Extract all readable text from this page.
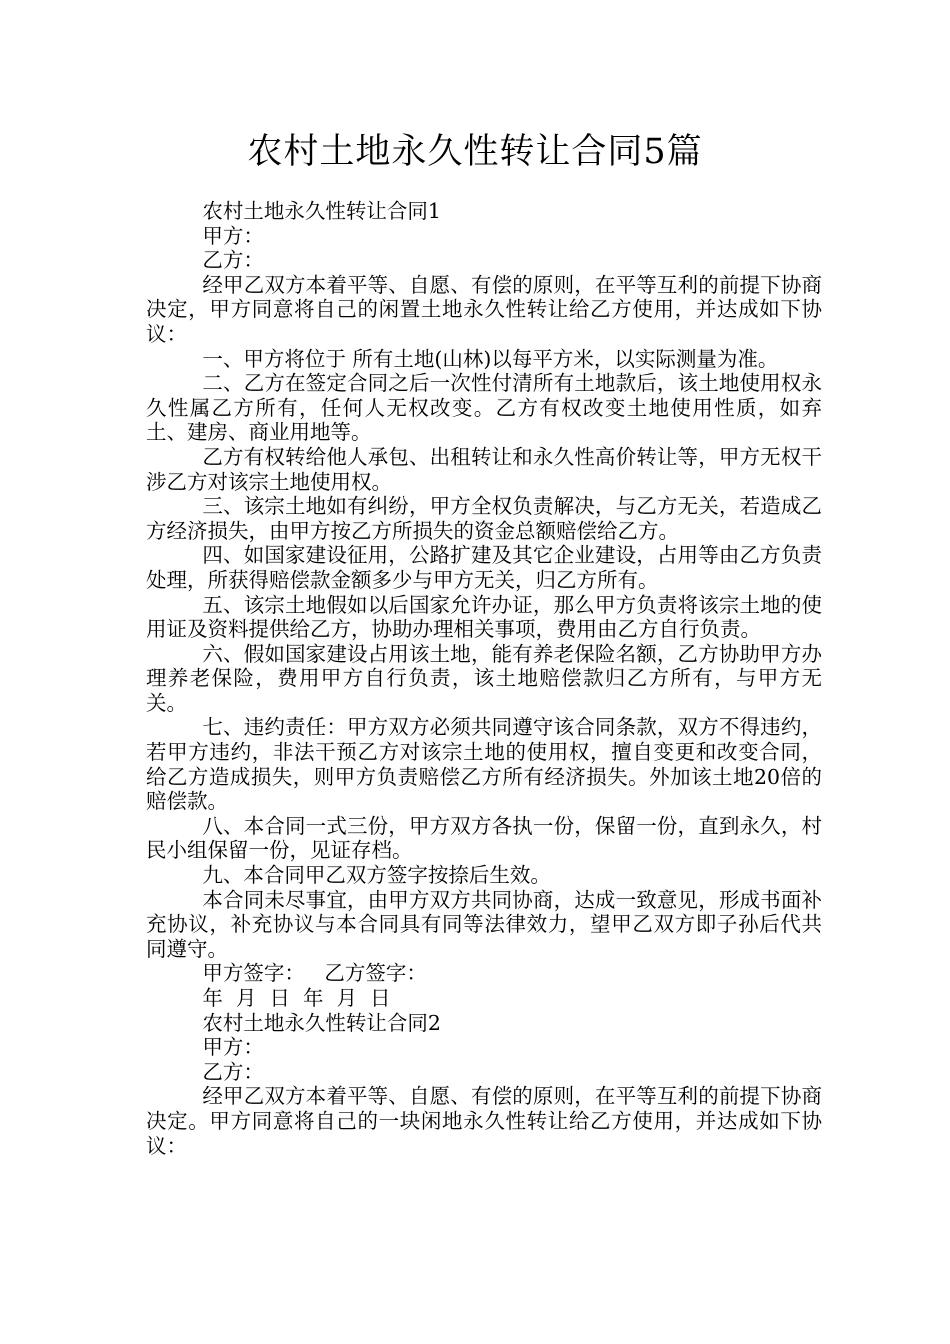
农村土地永久性转让合同5篇

农村土地永久性转让合同1

甲方：

乙方：

经甲乙双方本着平等、自愿、有偿的原则，在平等互利的前提下协商决定，甲方同意将自己的闲置土地永久性转让给乙方使用，并达成如下协议：

一、甲方将位于 所有土地(山林)以每平方米，以实际测量为准。

二、乙方在签定合同之后一次性付清所有土地款后，该土地使用权永久性属乙方所有，任何人无权改变。乙方有权改变土地使用性质，如弃土、建房、商业用地等。

乙方有权转给他人承包、出租转让和永久性高价转让等，甲方无权干涉乙方对该宗土地使用权。

三、该宗土地如有纠纷，甲方全权负责解决，与乙方无关，若造成乙方经济损失，由甲方按乙方所损失的资金总额赔偿给乙方。

四、如国家建设征用，公路扩建及其它企业建设，占用等由乙方负责处理，所获得赔偿款金额多少与甲方无关，归乙方所有。

五、该宗土地假如以后国家允许办证，那么甲方负责将该宗土地的使用证及资料提供给乙方，协助办理相关事项，费用由乙方自行负责。

六、假如国家建设占用该土地，能有养老保险名额，乙方协助甲方办理养老保险，费用甲方自行负责，该土地赔偿款归乙方所有，与甲方无关。

七、违约责任：甲方双方必须共同遵守该合同条款，双方不得违约，若甲方违约，非法干预乙方对该宗土地的使用权，擅自变更和改变合同，给乙方造成损失，则甲方负责赔偿乙方所有经济损失。外加该土地20倍的赔偿款。

八、本合同一式三份，甲方双方各执一份，保留一份，直到永久，村民小组保留一份，见证存档。

九、本合同甲乙双方签字按捺后生效。

本合同未尽事宜，由甲方双方共同协商，达成一致意见，形成书面补充协议，补充协议与本合同具有同等法律效力，望甲乙双方即子孙后代共同遵守。

甲方签字：   乙方签字：

年  月  日  年  月  日

农村土地永久性转让合同2

甲方：

乙方：

经甲乙双方本着平等、自愿、有偿的原则，在平等互利的前提下协商决定。甲方同意将自己的一块闲地永久性转让给乙方使用，并达成如下协议：
